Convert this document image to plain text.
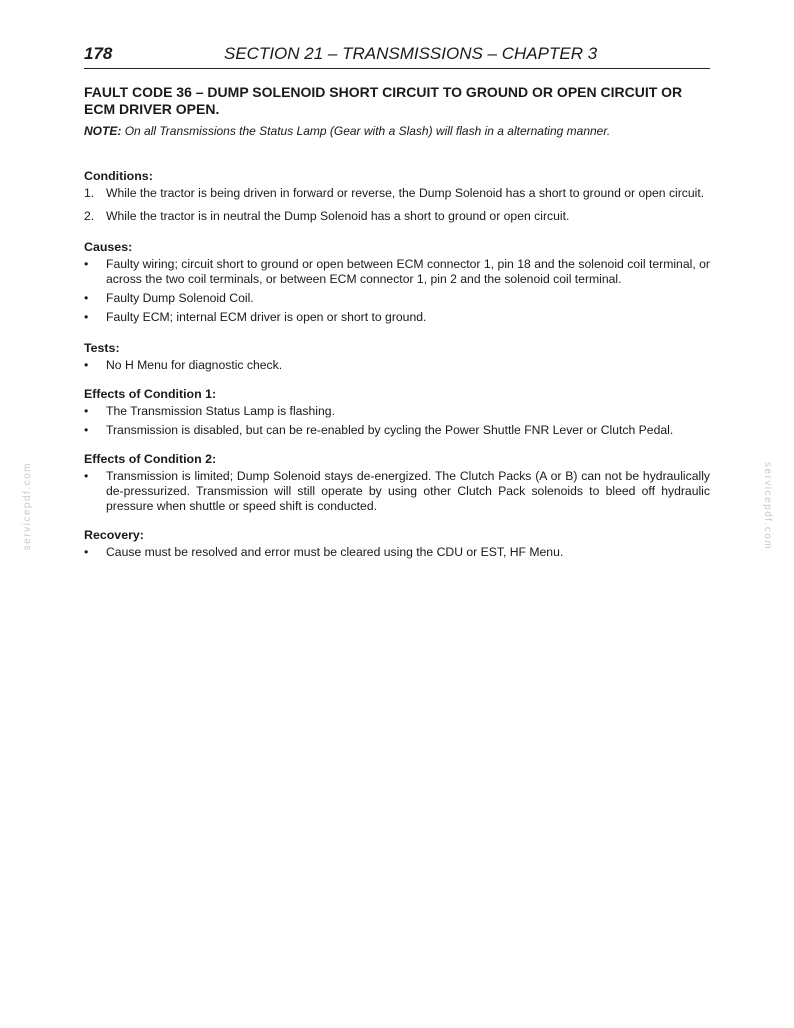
178	SECTION 21 – TRANSMISSIONS – CHAPTER 3
servicepdf.com	servicepdf.com
FAULT CODE 36 – DUMP SOLENOID SHORT CIRCUIT TO GROUND OR OPEN CIRCUIT OR ECM DRIVER OPEN.

NOTE: On all Transmissions the Status Lamp (Gear with a Slash) will flash in a alternating manner.

Conditions:
1. While the tractor is being driven in forward or reverse, the Dump Solenoid has a short to ground or open circuit.
2. While the tractor is in neutral the Dump Solenoid has a short to ground or open circuit.
Causes:
• Faulty wiring; circuit short to ground or open between ECM connector 1, pin 18 and the solenoid coil terminal, or across the two coil terminals, or between ECM connector 1, pin 2 and the solenoid coil terminal.
• Faulty Dump Solenoid Coil.
• Faulty ECM; internal ECM driver is open or short to ground.
Tests:
• No H Menu for diagnostic check.
Effects of Condition 1:
• The Transmission Status Lamp is flashing.
• Transmission is disabled, but can be re-enabled by cycling the Power Shuttle FNR Lever or Clutch Pedal.
Effects of Condition 2:
• Transmission is limited; Dump Solenoid stays de-energized. The Clutch Packs (A or B) can not be hydraulically de-pressurized. Transmission will still operate by using other Clutch Pack solenoids to bleed off hydraulic pressure when shuttle or speed shift is conducted.
Recovery:
• Cause must be resolved and error must be cleared using the CDU or EST, HF Menu.
